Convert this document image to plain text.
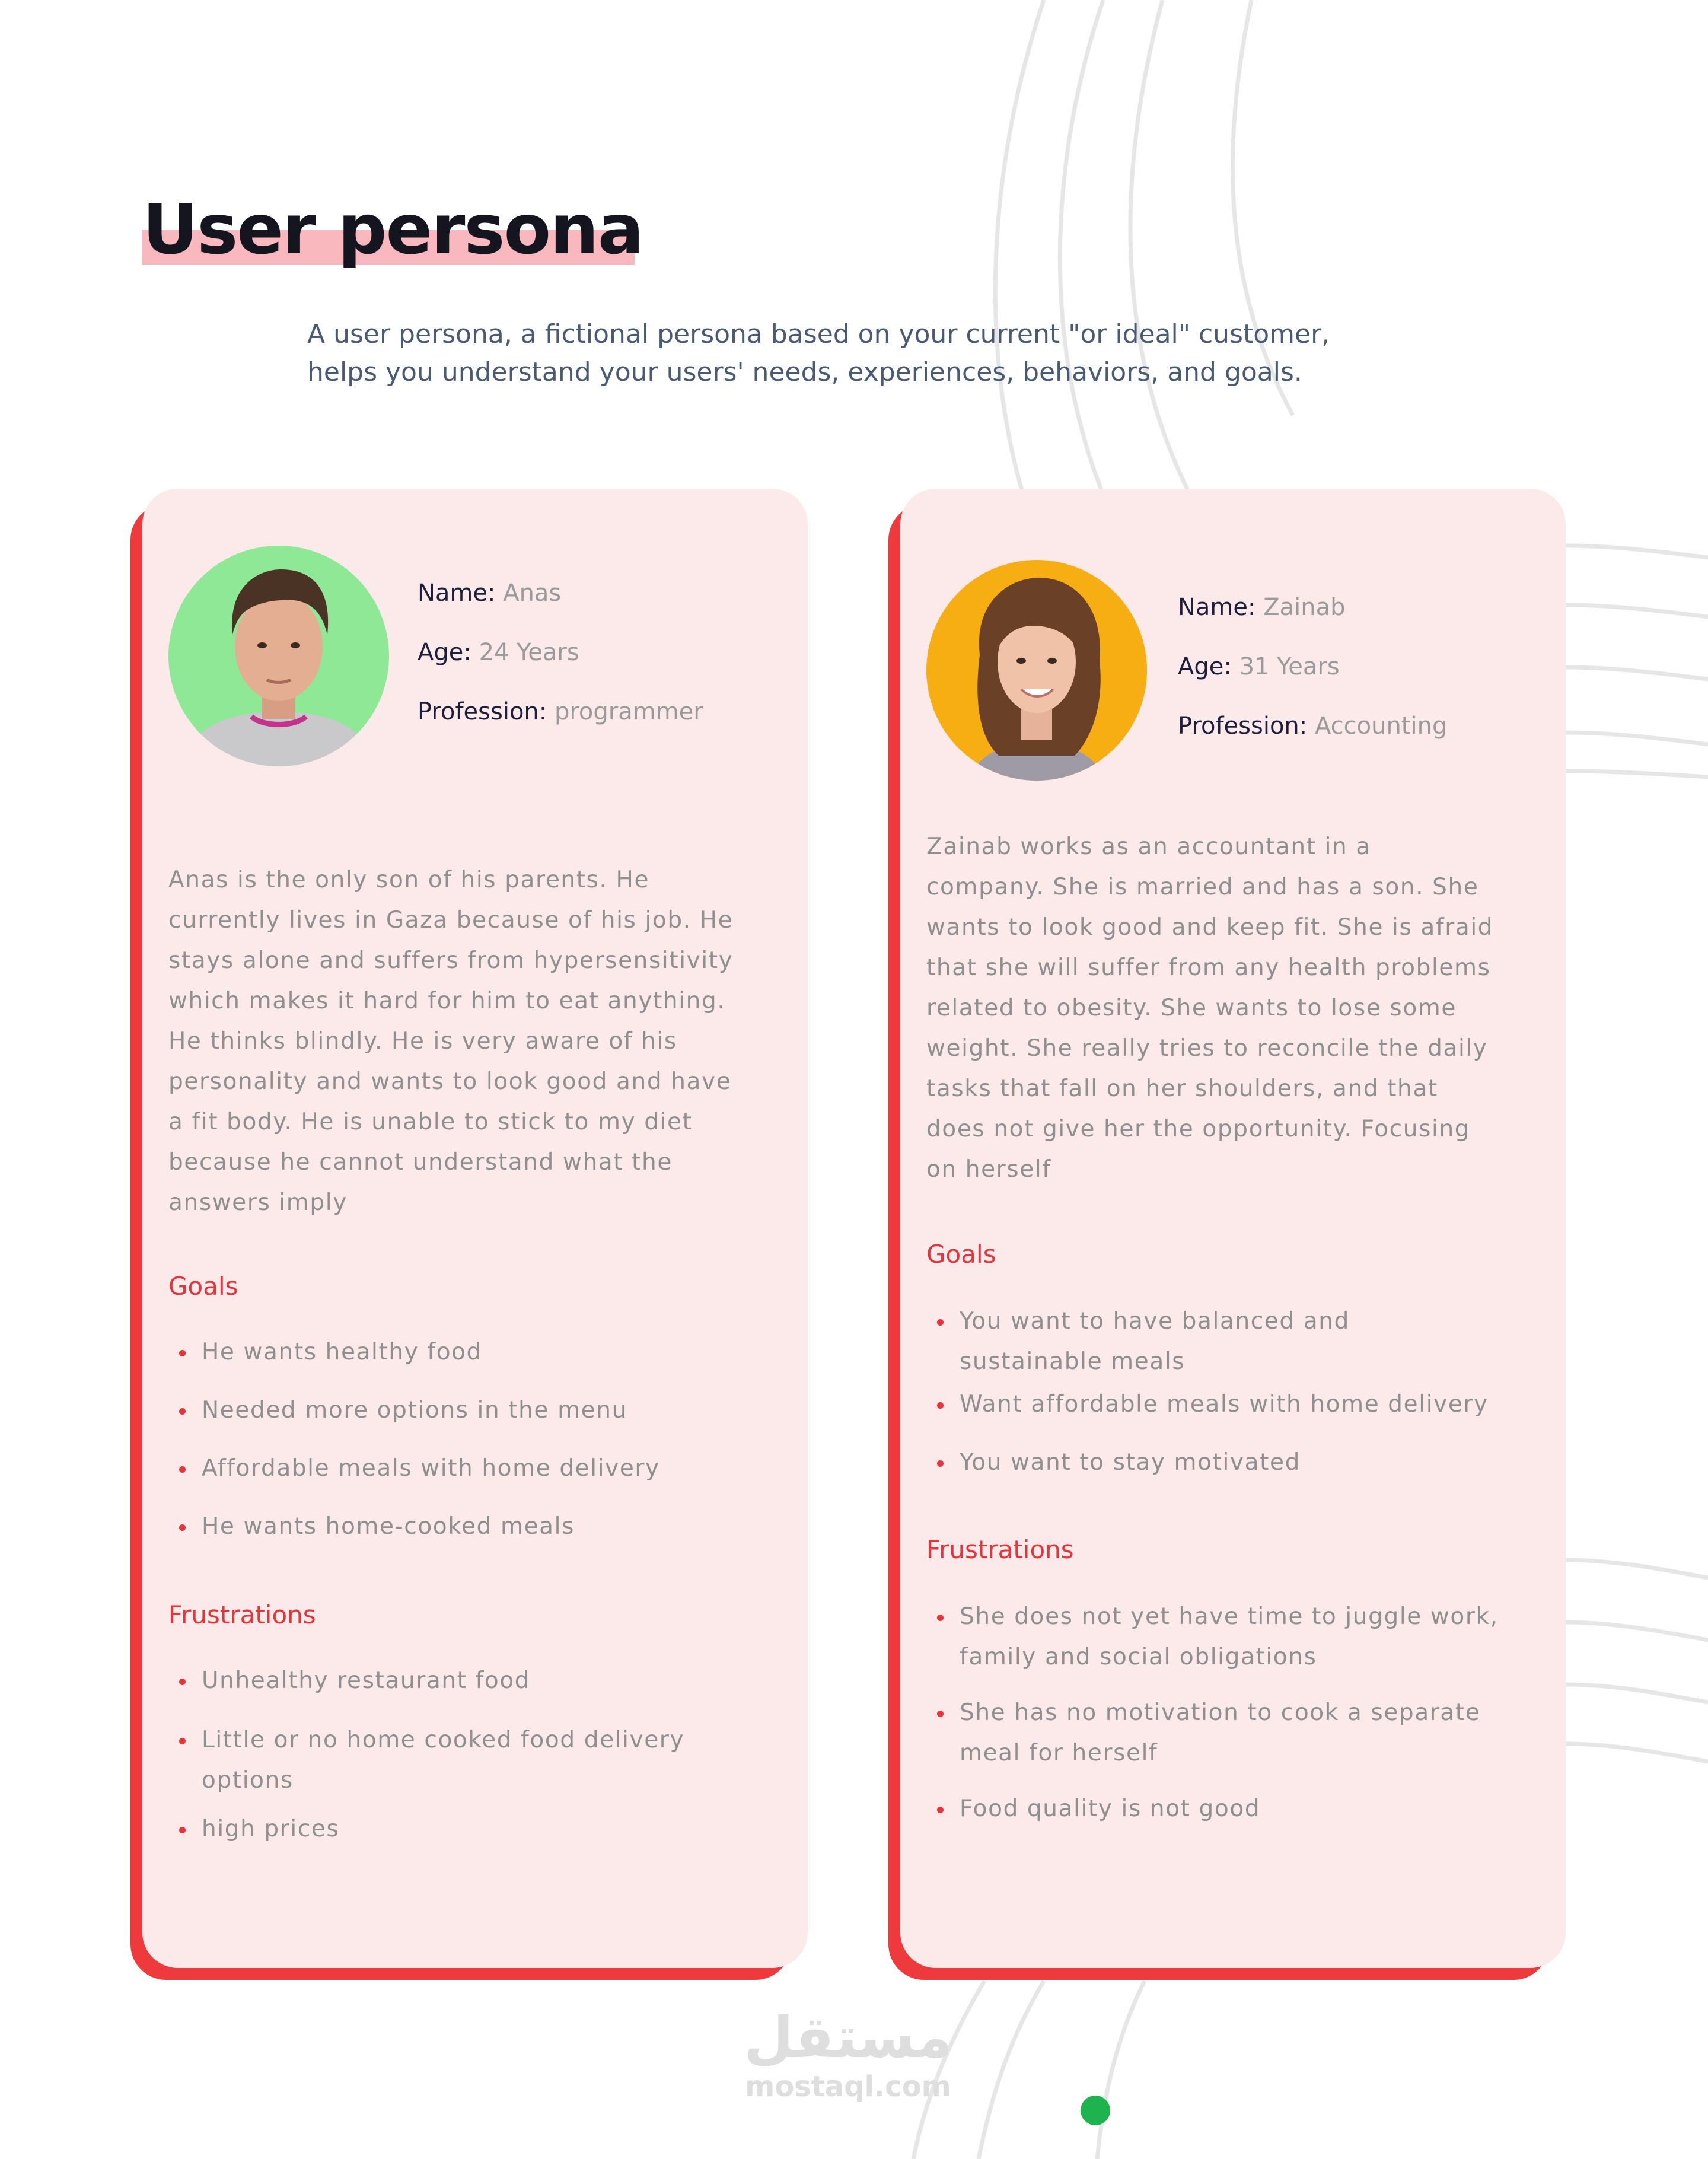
User persona
A user persona, a fictional persona based on your current "or ideal" customer,
helps you understand your users' needs, experiences, behaviors, and goals.
Name: Anas
Age: 24 Years
Profession: programmer
Anas is the only son of his parents. He
currently lives in Gaza because of his job. He
stays alone and suffers from hypersensitivity
which makes it hard for him to eat anything.
He thinks blindly. He is very aware of his
personality and wants to look good and have
a fit body. He is unable to stick to my diet
because he cannot understand what the
answers imply
Goals
He wants healthy food
Needed more options in the menu
Affordable meals with home delivery
He wants home-cooked meals
Frustrations
Unhealthy restaurant food
Little or no home cooked food delivery
options
high prices
Name: Zainab
Age: 31 Years
Profession: Accounting
Zainab works as an accountant in a
company. She is married and has a son. She
wants to look good and keep fit. She is afraid
that she will suffer from any health problems
related to obesity. She wants to lose some
weight. She really tries to reconcile the daily
tasks that fall on her shoulders, and that
does not give her the opportunity. Focusing
on herself
Goals
You want to have balanced and
sustainable meals
Want affordable meals with home delivery
You want to stay motivated
Frustrations
She does not yet have time to juggle work,
family and social obligations
She has no motivation to cook a separate
meal for herself
Food quality is not good
مستقل
mostaql.com
